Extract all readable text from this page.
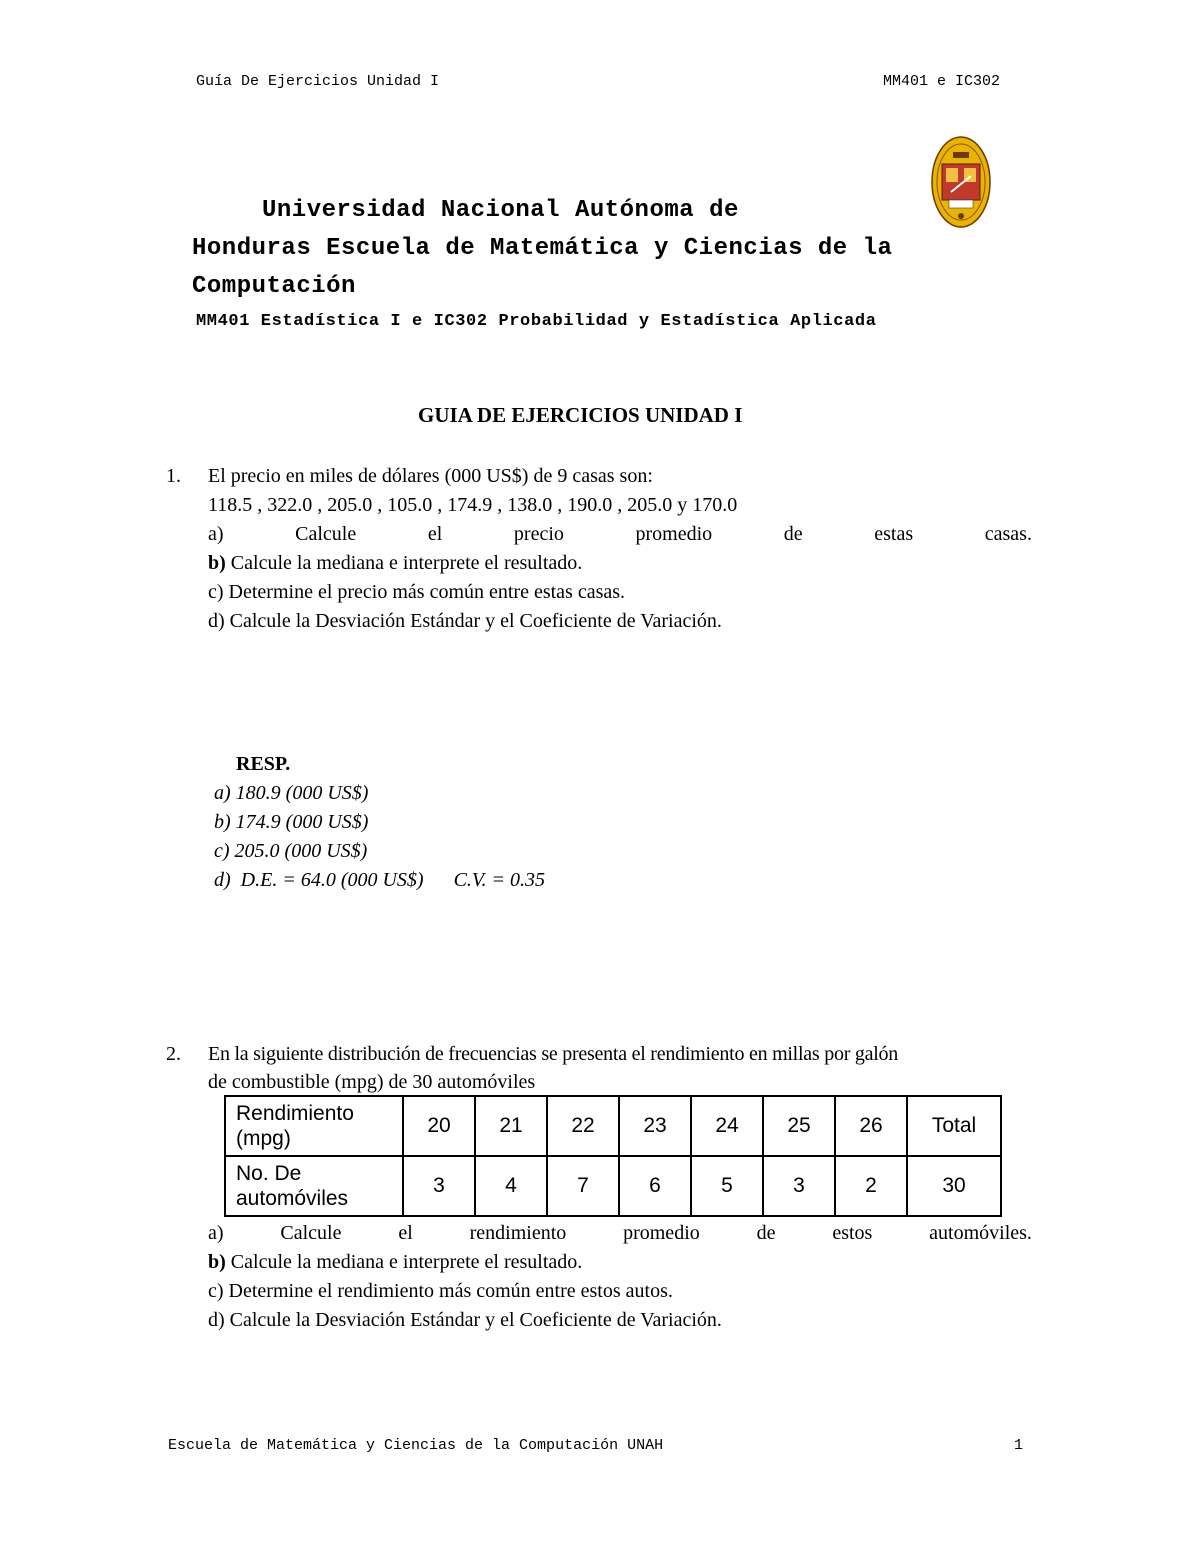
Guía De Ejercicios Unidad I	MM401 e IC302
Universidad Nacional Autónoma de
Honduras Escuela de Matemática y Ciencias de la
Computación
MM401 Estadística I e IC302 Probabilidad y Estadística Aplicada
GUIA DE EJERCICIOS UNIDAD I
1. El precio en miles de dólares (000 US$) de 9 casas son:
118.5 , 322.0 , 205.0 , 105.0 , 174.9 , 138.0 , 190.0 , 205.0 y 170.0
a)	Calcule	el	precio	promedio	de	estas	casas.
b) Calcule la mediana e interprete el resultado.
c) Determine el precio más común entre estas casas.
d) Calcule la Desviación Estándar y el Coeficiente de Variación.
RESP.
a) 180.9 (000 US$)
b) 174.9 (000 US$)
c) 205.0 (000 US$)
d)  D.E. = 64.0 (000 US$)      C.V. = 0.35
2. En la siguiente distribución de frecuencias se presenta el rendimiento en millas por galón
de combustible (mpg) de 30 automóviles
Rendimiento (mpg)	20	21	22	23	24	25	26	Total
No. De automóviles	3	4	7	6	5	3	2	30
a)	Calcule	el	rendimiento	promedio	de	estos	automóviles.
b) Calcule la mediana e interprete el resultado.
c) Determine el rendimiento más común entre estos autos.
d) Calcule la Desviación Estándar y el Coeficiente de Variación.
Escuela de Matemática y Ciencias de la Computación UNAH	1
